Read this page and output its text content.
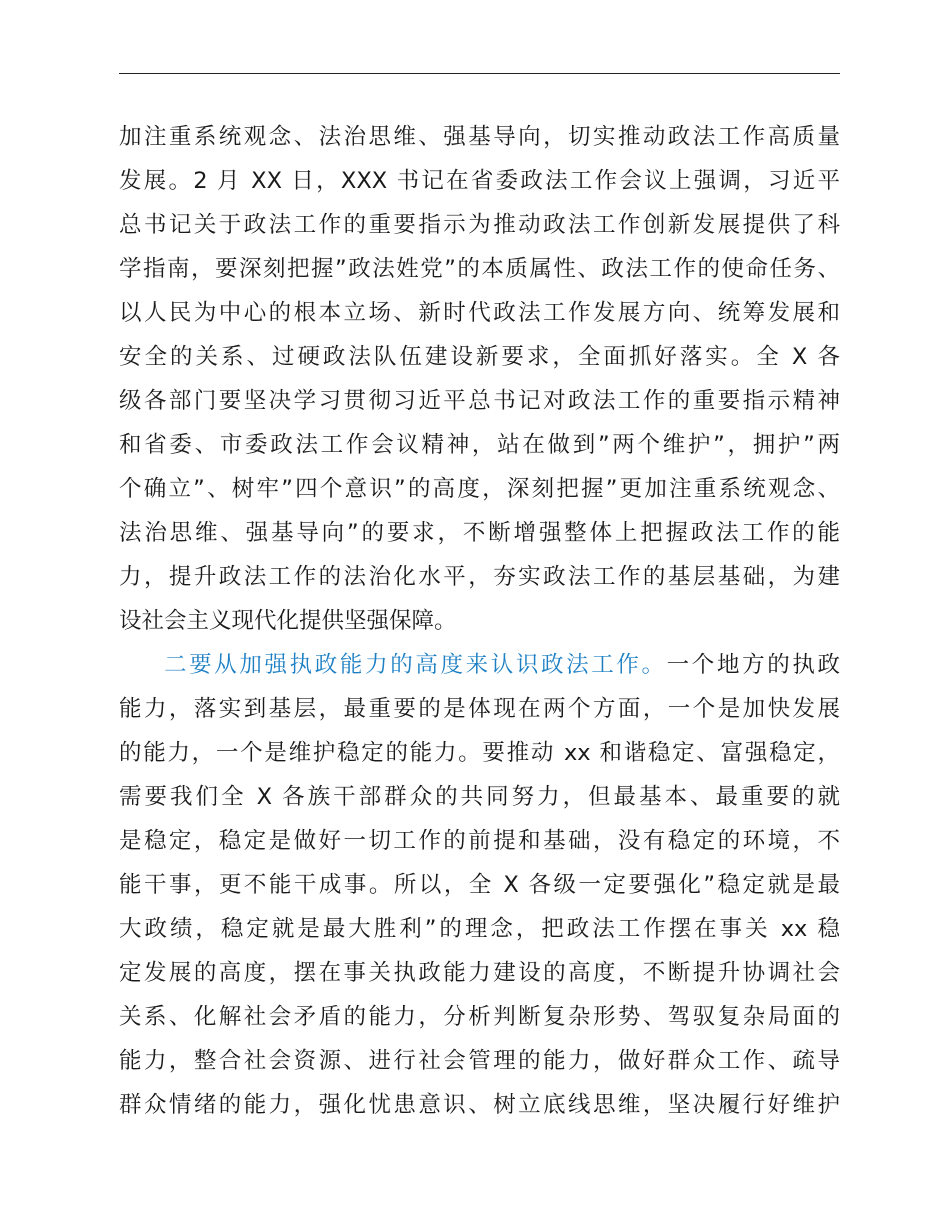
加注重系统观念、法治思维、强基导向，切实推动政法工作高质量
发展。2 月 XX 日，XXX 书记在省委政法工作会议上强调，习近平
总书记关于政法工作的重要指示为推动政法工作创新发展提供了科
学指南，要深刻把握”政法姓党”的本质属性、政法工作的使命任务、
以人民为中心的根本立场、新时代政法工作发展方向、统筹发展和
安全的关系、过硬政法队伍建设新要求，全面抓好落实。全 X 各
级各部门要坚决学习贯彻习近平总书记对政法工作的重要指示精神
和省委、市委政法工作会议精神，站在做到”两个维护”，拥护”两
个确立”、树牢”四个意识”的高度，深刻把握”更加注重系统观念、
法治思维、强基导向”的要求，不断增强整体上把握政法工作的能
力，提升政法工作的法治化水平，夯实政法工作的基层基础，为建
设社会主义现代化提供坚强保障。
二要从加强执政能力的高度来认识政法工作。一个地方的执政
能力，落实到基层，最重要的是体现在两个方面，一个是加快发展
的能力，一个是维护稳定的能力。要推动 xx 和谐稳定、富强稳定，
需要我们全 X 各族干部群众的共同努力，但最基本、最重要的就
是稳定，稳定是做好一切工作的前提和基础，没有稳定的环境，不
能干事，更不能干成事。所以，全 X 各级一定要强化”稳定就是最
大政绩，稳定就是最大胜利”的理念，把政法工作摆在事关 xx 稳
定发展的高度，摆在事关执政能力建设的高度，不断提升协调社会
关系、化解社会矛盾的能力，分析判断复杂形势、驾驭复杂局面的
能力，整合社会资源、进行社会管理的能力，做好群众工作、疏导
群众情绪的能力，强化忧患意识、树立底线思维，坚决履行好维护
